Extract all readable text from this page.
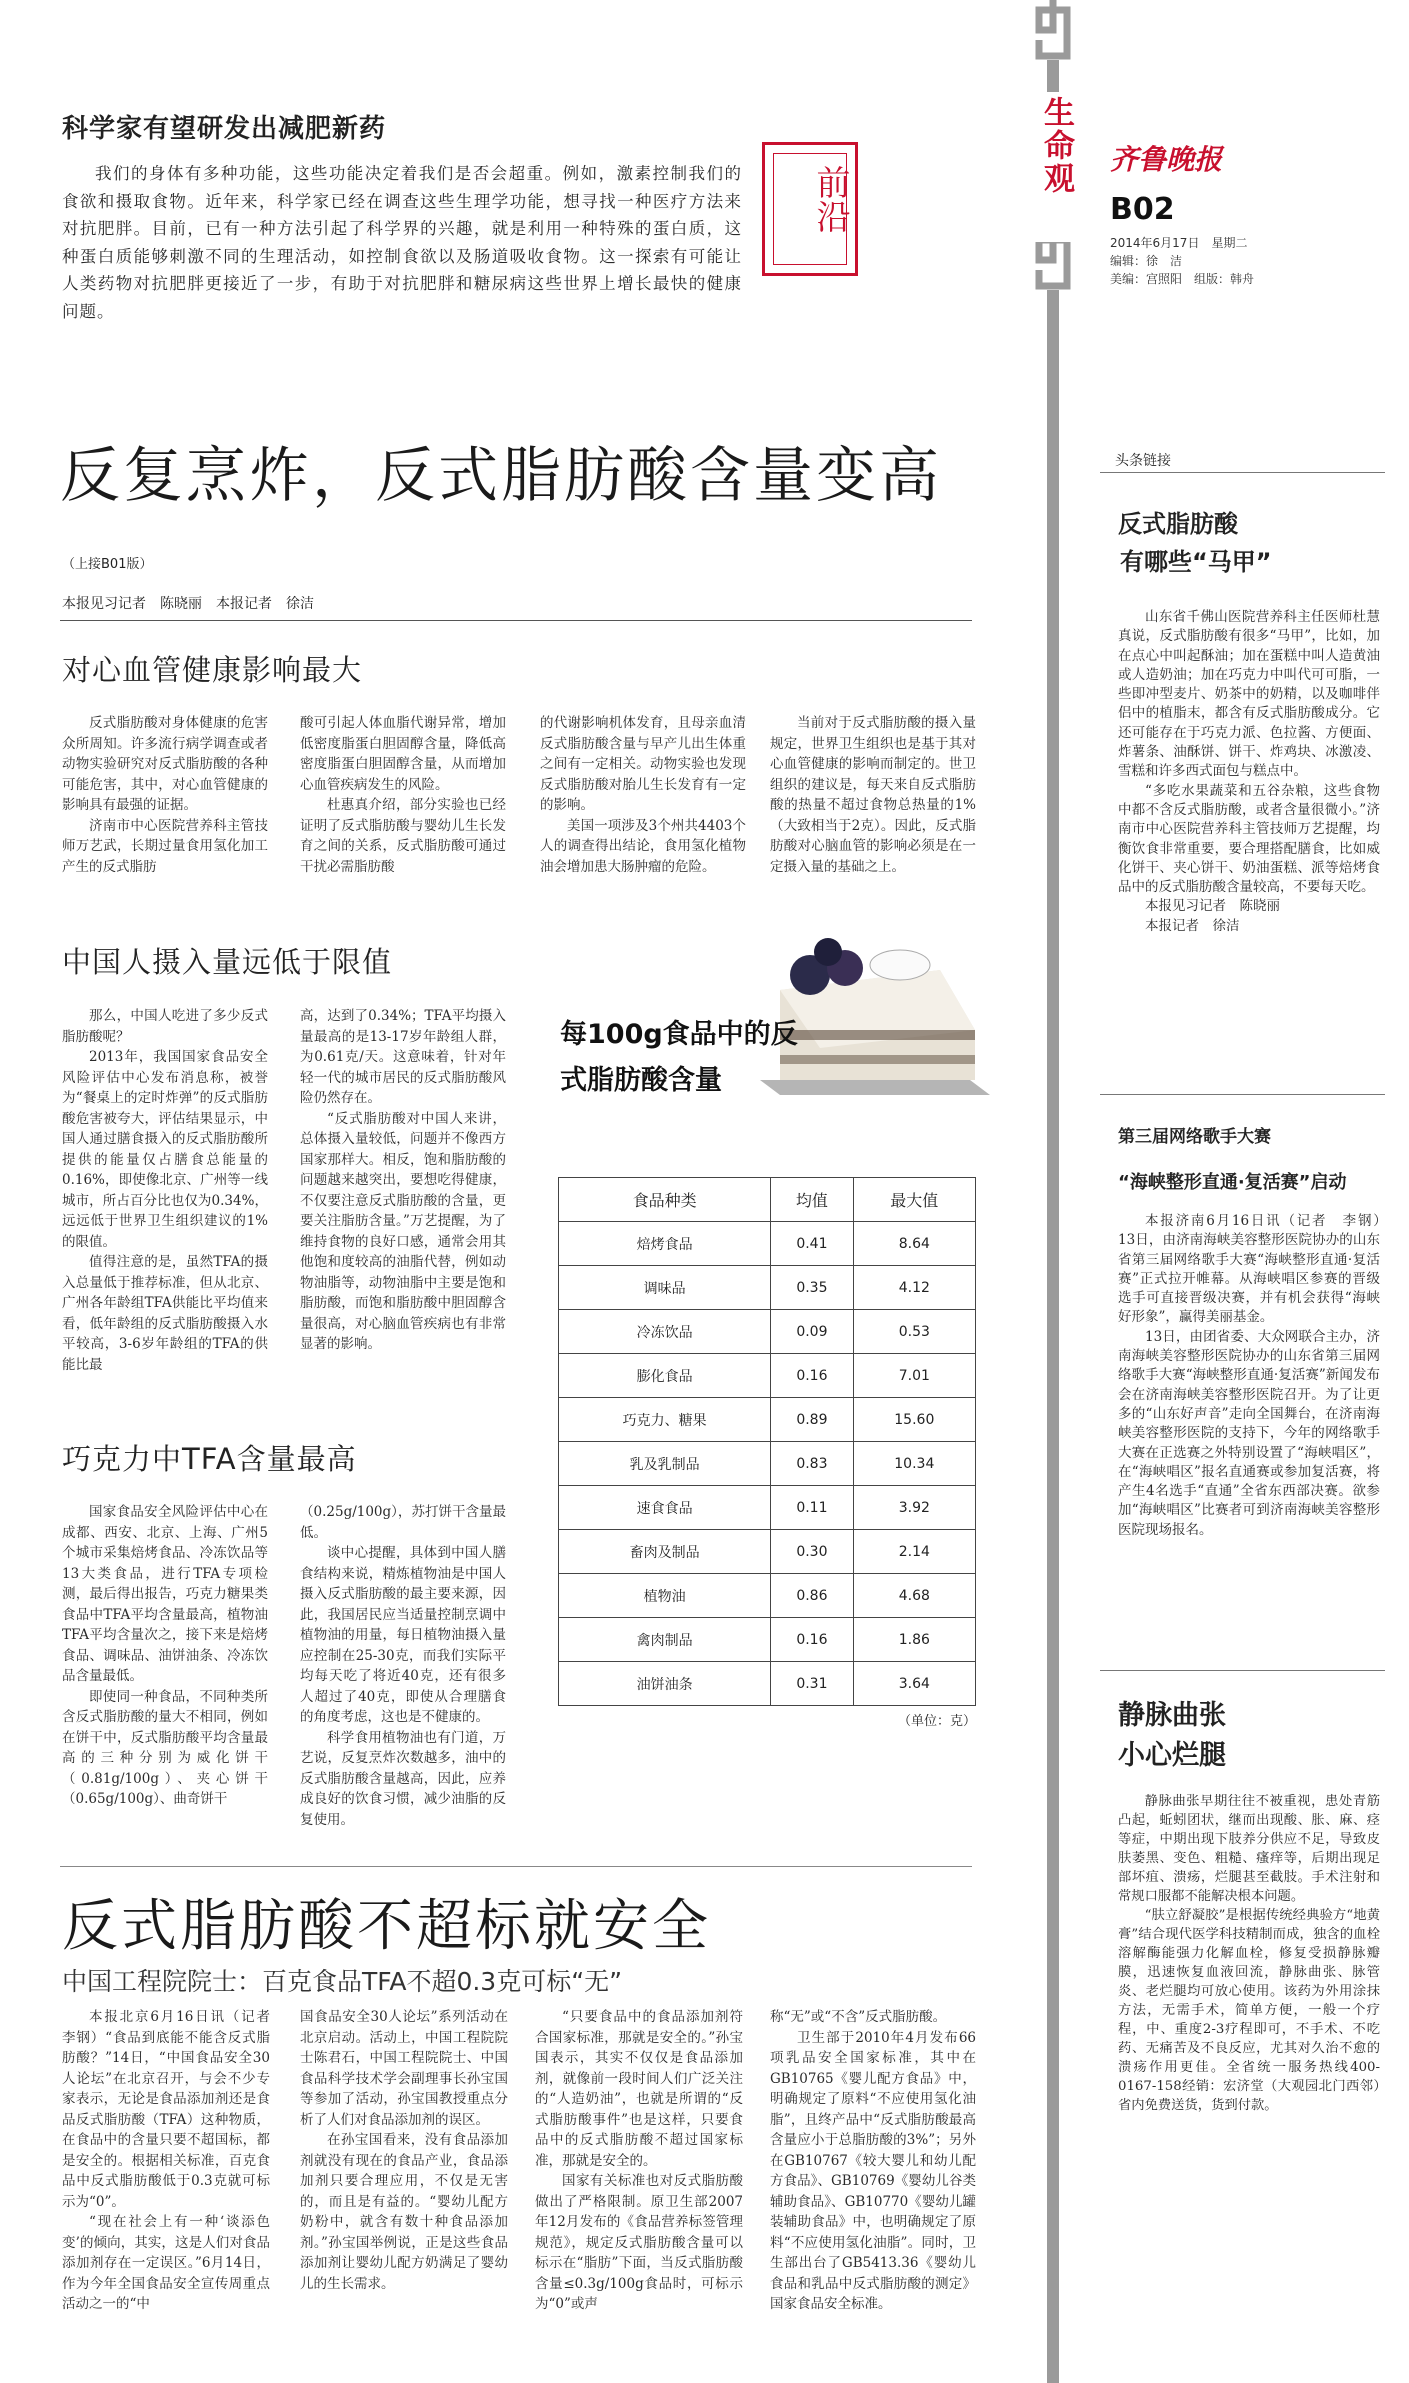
生命观 齐鲁晚报
B02
2014年6月17日　星期二
编辑：徐　洁
美编：宫照阳　组版：韩舟
科学家有望研发出减肥新药

我们的身体有多种功能，这些功能决定着我们是否会超重。例如，激素控制我们的食欲和摄取食物。近年来，科学家已经在调查这些生理学功能，想寻找一种医疗方法来对抗肥胖。目前，已有一种方法引起了科学界的兴趣，就是利用一种特殊的蛋白质，这种蛋白质能够刺激不同的生理活动，如控制食欲以及肠道吸收食物。这一探索有可能让人类药物对抗肥胖更接近了一步，有助于对抗肥胖和糖尿病这些世界上增长最快的健康问题。

前沿
反复烹炸，反式脂肪酸含量变高
（上接B01版）
本报见习记者　陈晓丽　本报记者　徐洁
对心血管健康影响最大

反式脂肪酸对身体健康的危害众所周知。许多流行病学调查或者动物实验研究对反式脂肪酸的各种可能危害，其中，对心血管健康的影响具有最强的证据。

济南市中心医院营养科主管技师万艺武，长期过量食用氢化加工产生的反式脂肪

酸可引起人体血脂代谢异常，增加低密度脂蛋白胆固醇含量，降低高密度脂蛋白胆固醇含量，从而增加心血管疾病发生的风险。

杜惠真介绍，部分实验也已经证明了反式脂肪酸与婴幼儿生长发育之间的关系，反式脂肪酸可通过干扰必需脂肪酸

的代谢影响机体发育，且母亲血清反式脂肪酸含量与早产儿出生体重之间有一定相关。动物实验也发现反式脂肪酸对胎儿生长发育有一定的影响。

美国一项涉及3个州共4403个人的调查得出结论，食用氢化植物油会增加患大肠肿瘤的危险。

当前对于反式脂肪酸的摄入量规定，世界卫生组织也是基于其对心血管健康的影响而制定的。世卫组织的建议是，每天来自反式脂肪酸的热量不超过食物总热量的1%（大致相当于2克）。因此，反式脂肪酸对心脑血管的影响必须是在一定摄入量的基础之上。

中国人摄入量远低于限值

那么，中国人吃进了多少反式脂肪酸呢？

2013年，我国国家食品安全风险评估中心发布消息称，被誉为“餐桌上的定时炸弹”的反式脂肪酸危害被夸大，评估结果显示，中国人通过膳食摄入的反式脂肪酸所提供的能量仅占膳食总能量的0.16%，即使像北京、广州等一线城市，所占百分比也仅为0.34%，远远低于世界卫生组织建议的1%的限值。

值得注意的是，虽然TFA的摄入总量低于推荐标准，但从北京、广州各年龄组TFA供能比平均值来看，低年龄组的反式脂肪酸摄入水平较高，3-6岁年龄组的TFA的供能比最

高，达到了0.34%；TFA平均摄入量最高的是13-17岁年龄组人群，为0.61克/天。这意味着，针对年轻一代的城市居民的反式脂肪酸风险仍然存在。

“反式脂肪酸对中国人来讲，总体摄入量较低，问题并不像西方国家那样大。相反，饱和脂肪酸的问题越来越突出，要想吃得健康，不仅要注意反式脂肪酸的含量，更要关注脂肪含量。”万艺提醒，为了维持食物的良好口感，通常会用其他饱和度较高的油脂代替，例如动物油脂等，动物油脂中主要是饱和脂肪酸，而饱和脂肪酸中胆固醇含量很高，对心脑血管疾病也有非常显著的影响。

巧克力中TFA含量最高

国家食品安全风险评估中心在成都、西安、北京、上海、广州5个城市采集焙烤食品、冷冻饮品等13大类食品，进行TFA专项检测，最后得出报告，巧克力糖果类食品中TFA平均含量最高，植物油TFA平均含量次之，接下来是焙烤食品、调味品、油饼油条、冷冻饮品含量最低。

即使同一种食品，不同种类所含反式脂肪酸的量大不相同，例如在饼干中，反式脂肪酸平均含量最高的三种分别为威化饼干（0.81g/100g）、夹心饼干（0.65g/100g）、曲奇饼干

（0.25g/100g），苏打饼干含量最低。

谈中心提醒，具体到中国人膳食结构来说，精炼植物油是中国人摄入反式脂肪酸的最主要来源，因此，我国居民应当适量控制烹调中植物油的用量，每日植物油摄入量应控制在25-30克，而我们实际平均每天吃了将近40克，还有很多人超过了40克，即使从合理膳食的角度考虑，这也是不健康的。

科学食用植物油也有门道，万艺说，反复烹炸次数越多，油中的反式脂肪酸含量越高，因此，应养成良好的饮食习惯，减少油脂的反复使用。

每100g食品中的反式脂肪酸含量
食品种类	均值	最大值
焙烤食品	0.41	8.64
调味品	0.35	4.12
冷冻饮品	0.09	0.53
膨化食品	0.16	7.01
巧克力、糖果	0.89	15.60
乳及乳制品	0.83	10.34
速食食品	0.11	3.92
畜肉及制品	0.30	2.14
植物油	0.86	4.68
禽肉制品	0.16	1.86
油饼油条	0.31	3.64
（单位：克）
反式脂肪酸不超标就安全
中国工程院院士：百克食品TFA不超0.3克可标“无”

本报北京6月16日讯（记者　李钢）“食品到底能不能含反式脂肪酸？”14日，“中国食品安全30人论坛”在北京召开，与会不少专家表示，无论是食品添加剂还是食品反式脂肪酸（TFA）这种物质，在食品中的含量只要不超国标，都是安全的。根据相关标准，百克食品中反式脂肪酸低于0.3克就可标示为“0”。

“现在社会上有一种‘谈添色变’的倾向，其实，这是人们对食品添加剂存在一定误区。”6月14日，作为今年全国食品安全宣传周重点活动之一的“中

国食品安全30人论坛”系列活动在北京启动。活动上，中国工程院院士陈君石，中国工程院院士、中国食品科学技术学会副理事长孙宝国等参加了活动，孙宝国教授重点分析了人们对食品添加剂的误区。

在孙宝国看来，没有食品添加剂就没有现在的食品产业，食品添加剂只要合理应用，不仅是无害的，而且是有益的。“婴幼儿配方奶粉中，就含有数十种食品添加剂。”孙宝国举例说，正是这些食品添加剂让婴幼儿配方奶满足了婴幼儿的生长需求。

“只要食品中的食品添加剂符合国家标准，那就是安全的。”孙宝国表示，其实不仅仅是食品添加剂，就像前一段时间人们广泛关注的“人造奶油”，也就是所谓的“反式脂肪酸事件”也是这样，只要食品中的反式脂肪酸不超过国家标准，那就是安全的。

国家有关标准也对反式脂肪酸做出了严格限制。原卫生部2007年12月发布的《食品营养标签管理规范》，规定反式脂肪酸含量可以标示在“脂肪”下面，当反式脂肪酸含量≤0.3g/100g食品时，可标示为“0”或声

称“无”或“不含”反式脂肪酸。

卫生部于2010年4月发布66项乳品安全国家标准，其中在GB10765《婴儿配方食品》中，明确规定了原料“不应使用氢化油脂”，且终产品中“反式脂肪酸最高含量应小于总脂肪酸的3%”；另外在GB10767《较大婴儿和幼儿配方食品》、GB10769《婴幼儿谷类辅助食品》、GB10770《婴幼儿罐装辅助食品》中，也明确规定了原料“不应使用氢化油脂”。同时，卫生部出台了GB5413.36《婴幼儿食品和乳品中反式脂肪酸的测定》国家食品安全标准。

头条链接
反式脂肪酸
有哪些“马甲”

山东省千佛山医院营养科主任医师杜慧真说，反式脂肪酸有很多“马甲”，比如，加在点心中叫起酥油；加在蛋糕中叫人造黄油或人造奶油；加在巧克力中叫代可可脂，一些即冲型麦片、奶茶中的奶精，以及咖啡伴侣中的植脂末，都含有反式脂肪酸成分。它还可能存在于巧克力派、色拉酱、方便面、炸薯条、油酥饼、饼干、炸鸡块、冰激凌、雪糕和许多西式面包与糕点中。

“多吃水果蔬菜和五谷杂粮，这些食物中都不含反式脂肪酸，或者含量很微小。”济南市中心医院营养科主管技师万艺提醒，均衡饮食非常重要，要合理搭配膳食，比如威化饼干、夹心饼干、奶油蛋糕、派等焙烤食品中的反式脂肪酸含量较高，不要每天吃。

本报见习记者　陈晓丽

本报记者　徐洁

第三届网络歌手大赛
“海峡整形直通·复活赛”启动

本报济南6月16日讯（记者　李钢）　13日，由济南海峡美容整形医院协办的山东省第三届网络歌手大赛“海峡整形直通·复活赛”正式拉开帷幕。从海峡唱区参赛的晋级选手可直接晋级决赛，并有机会获得“海峡好形象”，赢得美丽基金。

13日，由团省委、大众网联合主办，济南海峡美容整形医院协办的山东省第三届网络歌手大赛“海峡整形直通·复活赛”新闻发布会在济南海峡美容整形医院召开。为了让更多的“山东好声音”走向全国舞台，在济南海峡美容整形医院的支持下，今年的网络歌手大赛在正选赛之外特别设置了“海峡唱区”，在“海峡唱区”报名直通赛或参加复活赛，将产生4名选手“直通”全省东西部决赛。欲参加“海峡唱区”比赛者可到济南海峡美容整形医院现场报名。

静脉曲张
小心烂腿

静脉曲张早期往往不被重视，患处青筋凸起，蚯蚓团状，继而出现酸、胀、麻、痉等症，中期出现下肢养分供应不足，导致皮肤萎黑、变色、粗糙、瘙痒等，后期出现足部坏疽、溃疡，烂腿甚至截肢。手术注射和常规口服都不能解决根本问题。

“肤立舒凝胶”是根据传统经典验方“地黄膏”结合现代医学科技精制而成，独含的血栓溶解酶能强力化解血栓，修复受损静脉瓣膜，迅速恢复血液回流，静脉曲张、脉管炎、老烂腿均可放心使用。该药为外用涂抹方法，无需手术，简单方便，一般一个疗程，中、重度2-3疗程即可，不手术、不吃药、无痛苦及不良反应，尤其对久治不愈的溃疡作用更佳。全省统一服务热线400-0167-158经销：宏济堂（大观园北门西邻）省内免费送货，货到付款。
